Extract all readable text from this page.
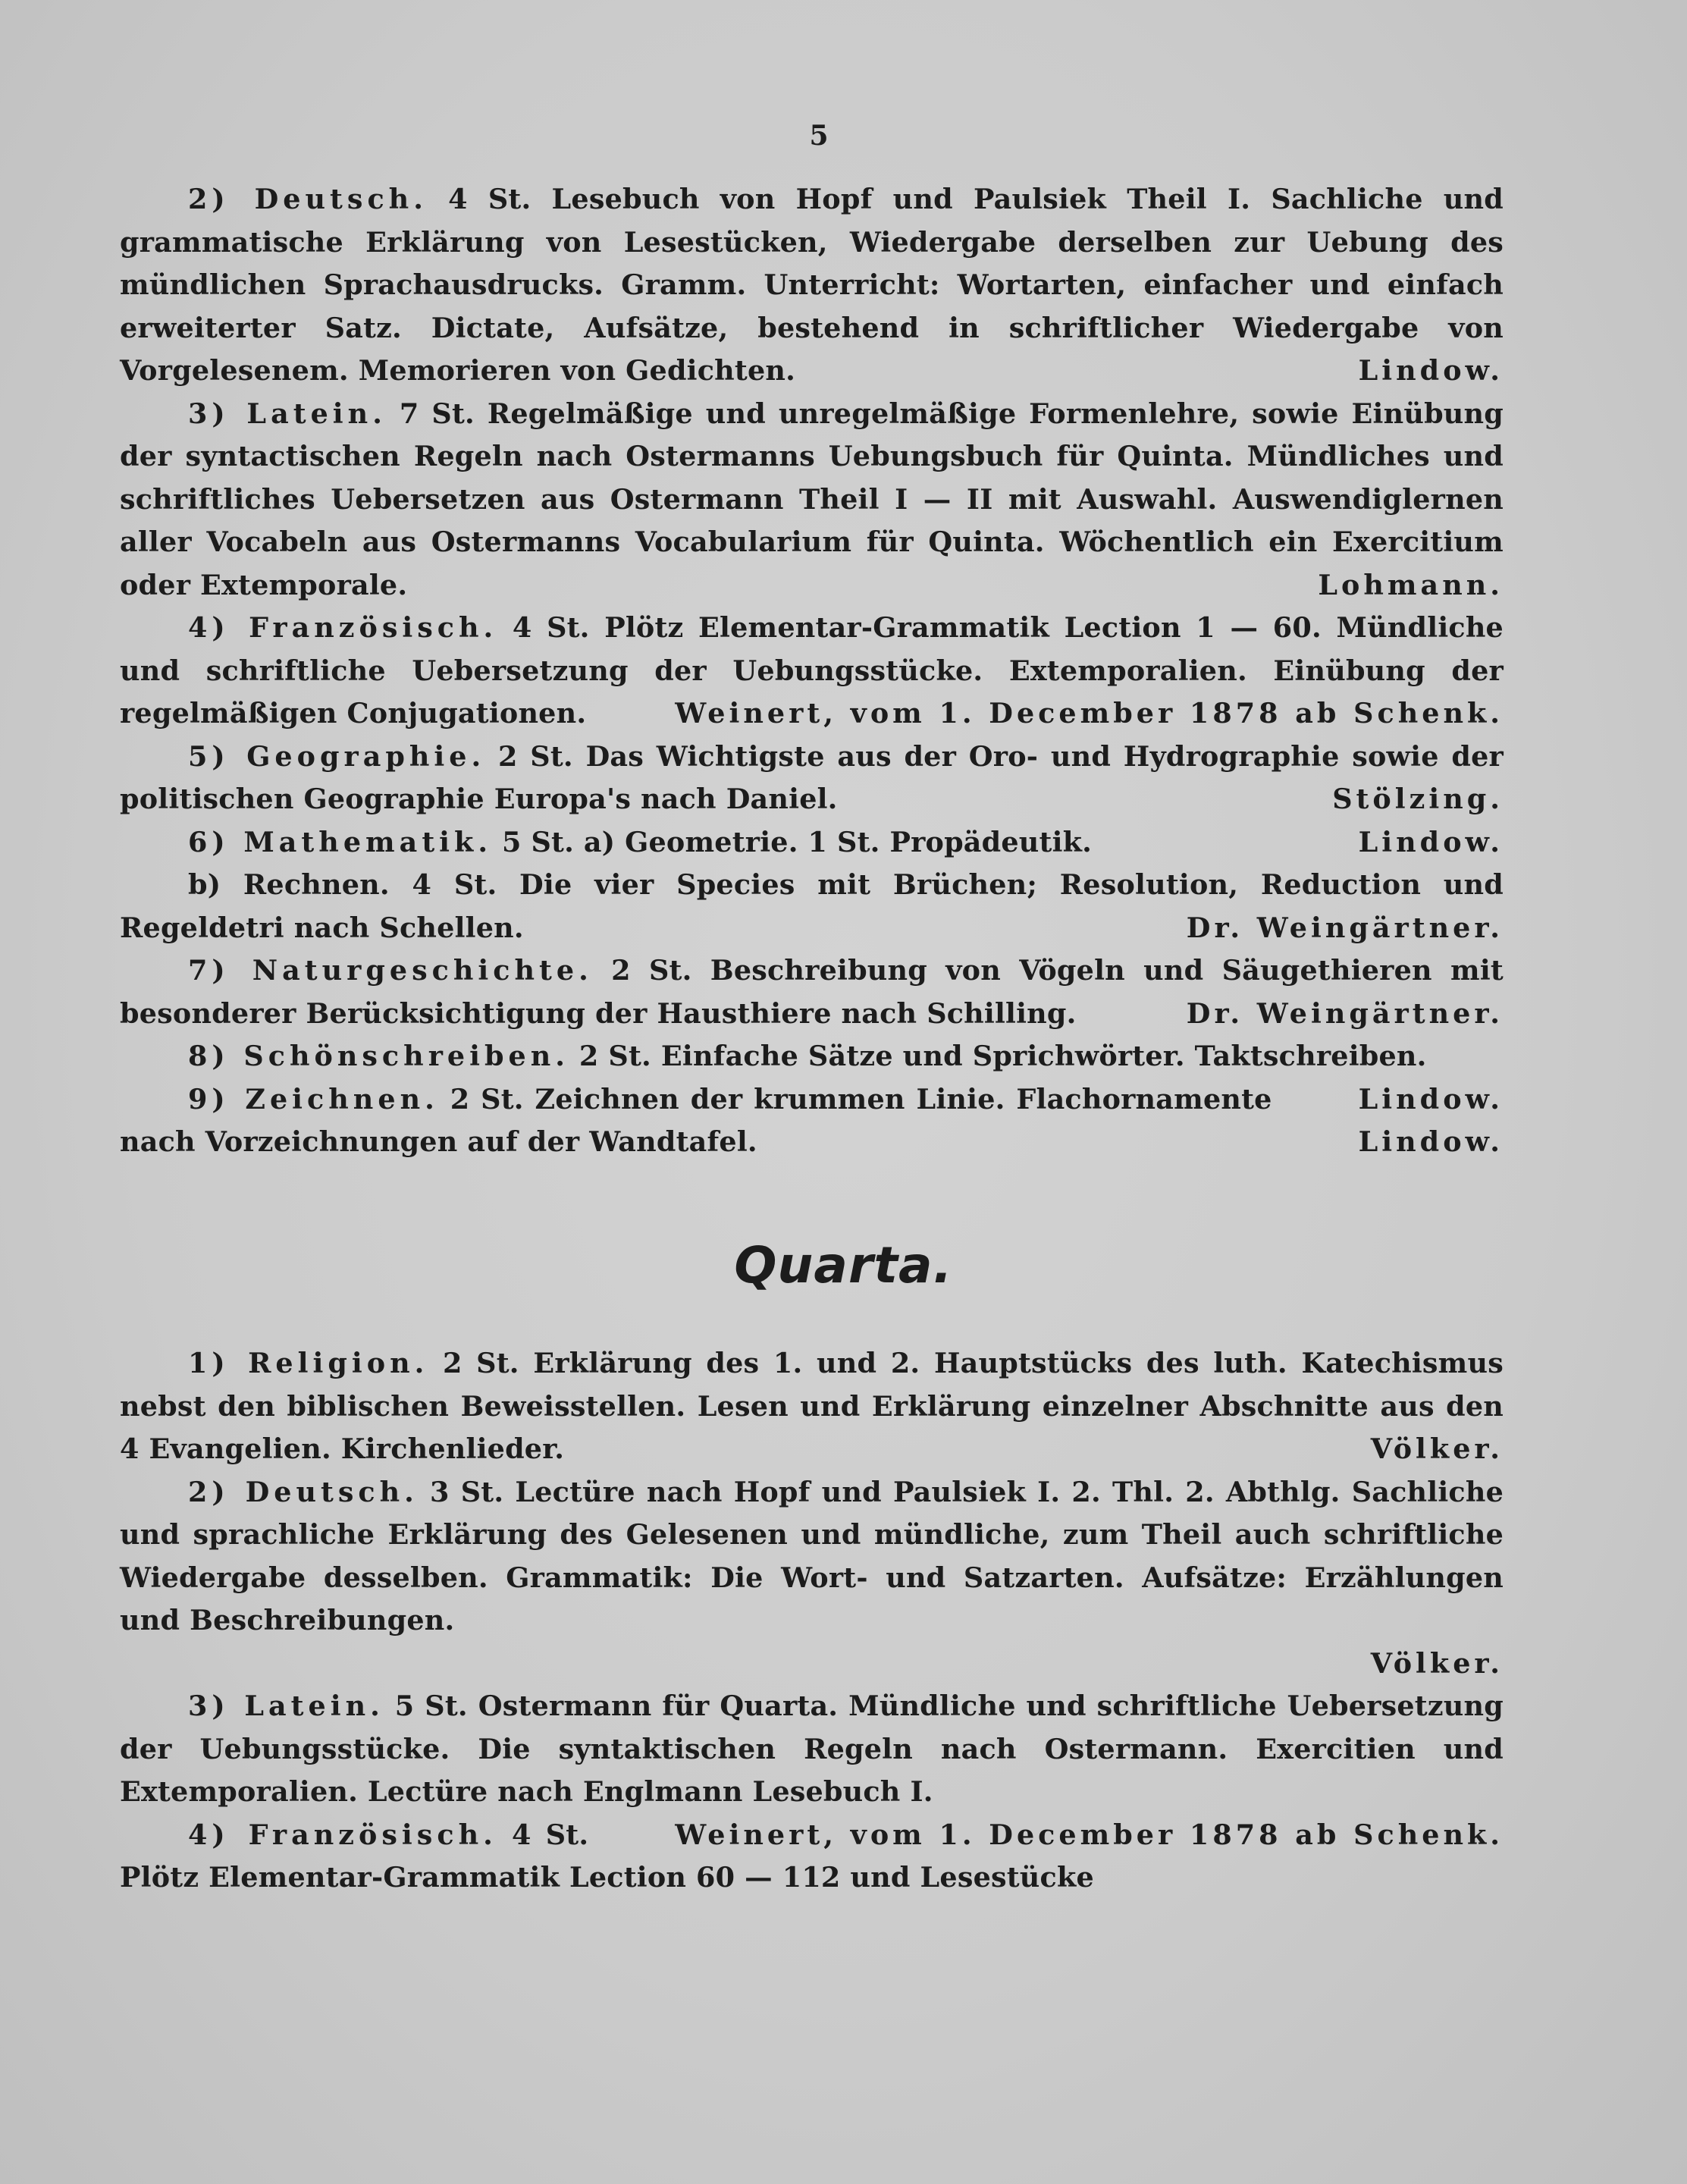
5

2) Deutsch. 4 St. Lesebuch von Hopf und Paulsiek Theil I. Sachliche und grammatische Erklärung von Lesestücken, Wiedergabe derselben zur Uebung des mündlichen Sprachausdrucks. Gramm. Unterricht: Wortarten, einfacher und einfach erweiterter Satz. Dictate, Aufsätze, bestehend in schriftlicher Wiedergabe von Vorgelesenem. Memorieren von Gedichten.	Lindow.

3) Latein. 7 St. Regelmäßige und unregelmäßige Formenlehre, sowie Einübung der syntactischen Regeln nach Ostermanns Uebungsbuch für Quinta. Mündliches und schriftliches Uebersetzen aus Ostermann Theil I — II mit Auswahl. Auswendiglernen aller Vocabeln aus Ostermanns Vocabularium für Quinta. Wöchentlich ein Exercitium oder Extemporale.	Lohmann.

4) Französisch. 4 St. Plötz Elementar-Grammatik Lection 1 — 60. Mündliche und schriftliche Uebersetzung der Uebungsstücke. Extemporalien. Einübung der regelmäßigen Conjugationen.	Weinert, vom 1. December 1878 ab Schenk.

5) Geographie. 2 St. Das Wichtigste aus der Oro- und Hydrographie sowie der politischen Geographie Europa's nach Daniel.	Stölzing.

6) Mathematik. 5 St. a) Geometrie. 1 St. Propädeutik.	Lindow.

b) Rechnen. 4 St. Die vier Species mit Brüchen; Resolution, Reduction und Regeldetri nach Schellen.	Dr. Weingärtner.

7) Naturgeschichte. 2 St. Beschreibung von Vögeln und Säugethieren mit besonderer Berücksichtigung der Hausthiere nach Schilling.	Dr. Weingärtner.

8) Schönschreiben. 2 St. Einfache Sätze und Sprichwörter. Taktschreiben.
Lindow.

9) Zeichnen. 2 St. Zeichnen der krummen Linie. Flachornamente nach Vorzeichnungen auf der Wandtafel.	Lindow.

Quarta.

1) Religion. 2 St. Erklärung des 1. und 2. Hauptstücks des luth. Katechismus nebst den biblischen Beweisstellen. Lesen und Erklärung einzelner Abschnitte aus den 4 Evangelien. Kirchenlieder.	Völker.

2) Deutsch. 3 St. Lectüre nach Hopf und Paulsiek I. 2. Thl. 2. Abthlg. Sachliche und sprachliche Erklärung des Gelesenen und mündliche, zum Theil auch schriftliche Wiedergabe desselben. Grammatik: Die Wort- und Satzarten. Aufsätze: Erzählungen und Beschreibungen.

Völker.

3) Latein. 5 St. Ostermann für Quarta. Mündliche und schriftliche Uebersetzung der Uebungsstücke. Die syntaktischen Regeln nach Ostermann. Exercitien und Extemporalien. Lectüre nach Englmann Lesebuch I.
Weinert, vom 1. December 1878 ab Schenk.

4) Französisch. 4 St. Plötz Elementar-Grammatik Lection 60 — 112 und Lesestücke
